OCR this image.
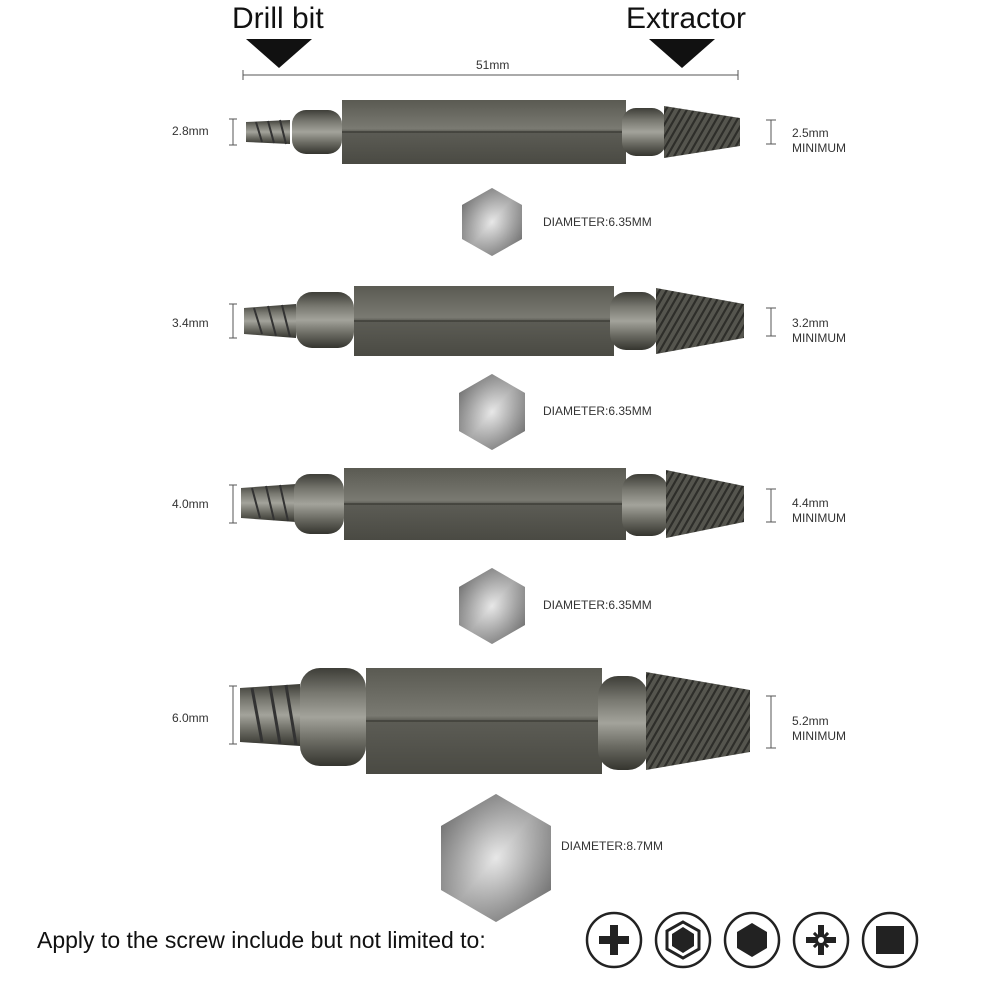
Drill bit	Extractor
51mm
2.8mm	2.5mm
MINIMUM
DIAMETER:6.35MM
3.4mm	3.2mm
MINIMUM
DIAMETER:6.35MM
4.0mm	4.4mm
MINIMUM
DIAMETER:6.35MM
6.0mm	5.2mm
MINIMUM
DIAMETER:8.7MM
Apply to the screw include but not limited to:
